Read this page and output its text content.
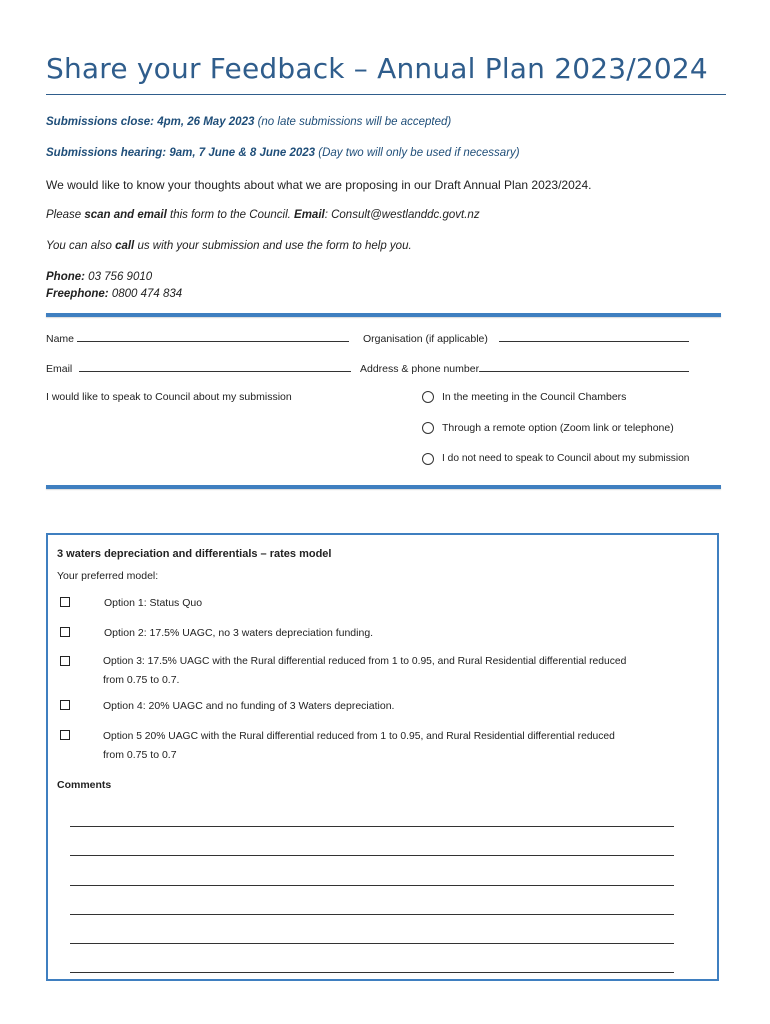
Share your Feedback – Annual Plan 2023/2024
Submissions close: 4pm, 26 May 2023 (no late submissions will be accepted)
Submissions hearing: 9am, 7 June & 8 June 2023 (Day two will only be used if necessary)
We would like to know your thoughts about what we are proposing in our Draft Annual Plan 2023/2024.
Please scan and email this form to the Council. Email: Consult@westlanddc.govt.nz
You can also call us with your submission and use the form to help you.
Phone: 03 756 9010
Freephone: 0800 474 834
Name	Organisation (if applicable)
Email	Address & phone number
I would like to speak to Council about my submission	In the meeting in the Council Chambers
Through a remote option (Zoom link or telephone)
I do not need to speak to Council about my submission
3 waters depreciation and differentials – rates model
Your preferred model:
Option 1: Status Quo
Option 2: 17.5% UAGC, no 3 waters depreciation funding.
Option 3: 17.5% UAGC with the Rural differential reduced from 1 to 0.95, and Rural Residential differential reduced
from 0.75 to 0.7.
Option 4: 20% UAGC and no funding of 3 Waters depreciation.
Option 5 20% UAGC with the Rural differential reduced from 1 to 0.95, and Rural Residential differential reduced
from 0.75 to 0.7
Comments
